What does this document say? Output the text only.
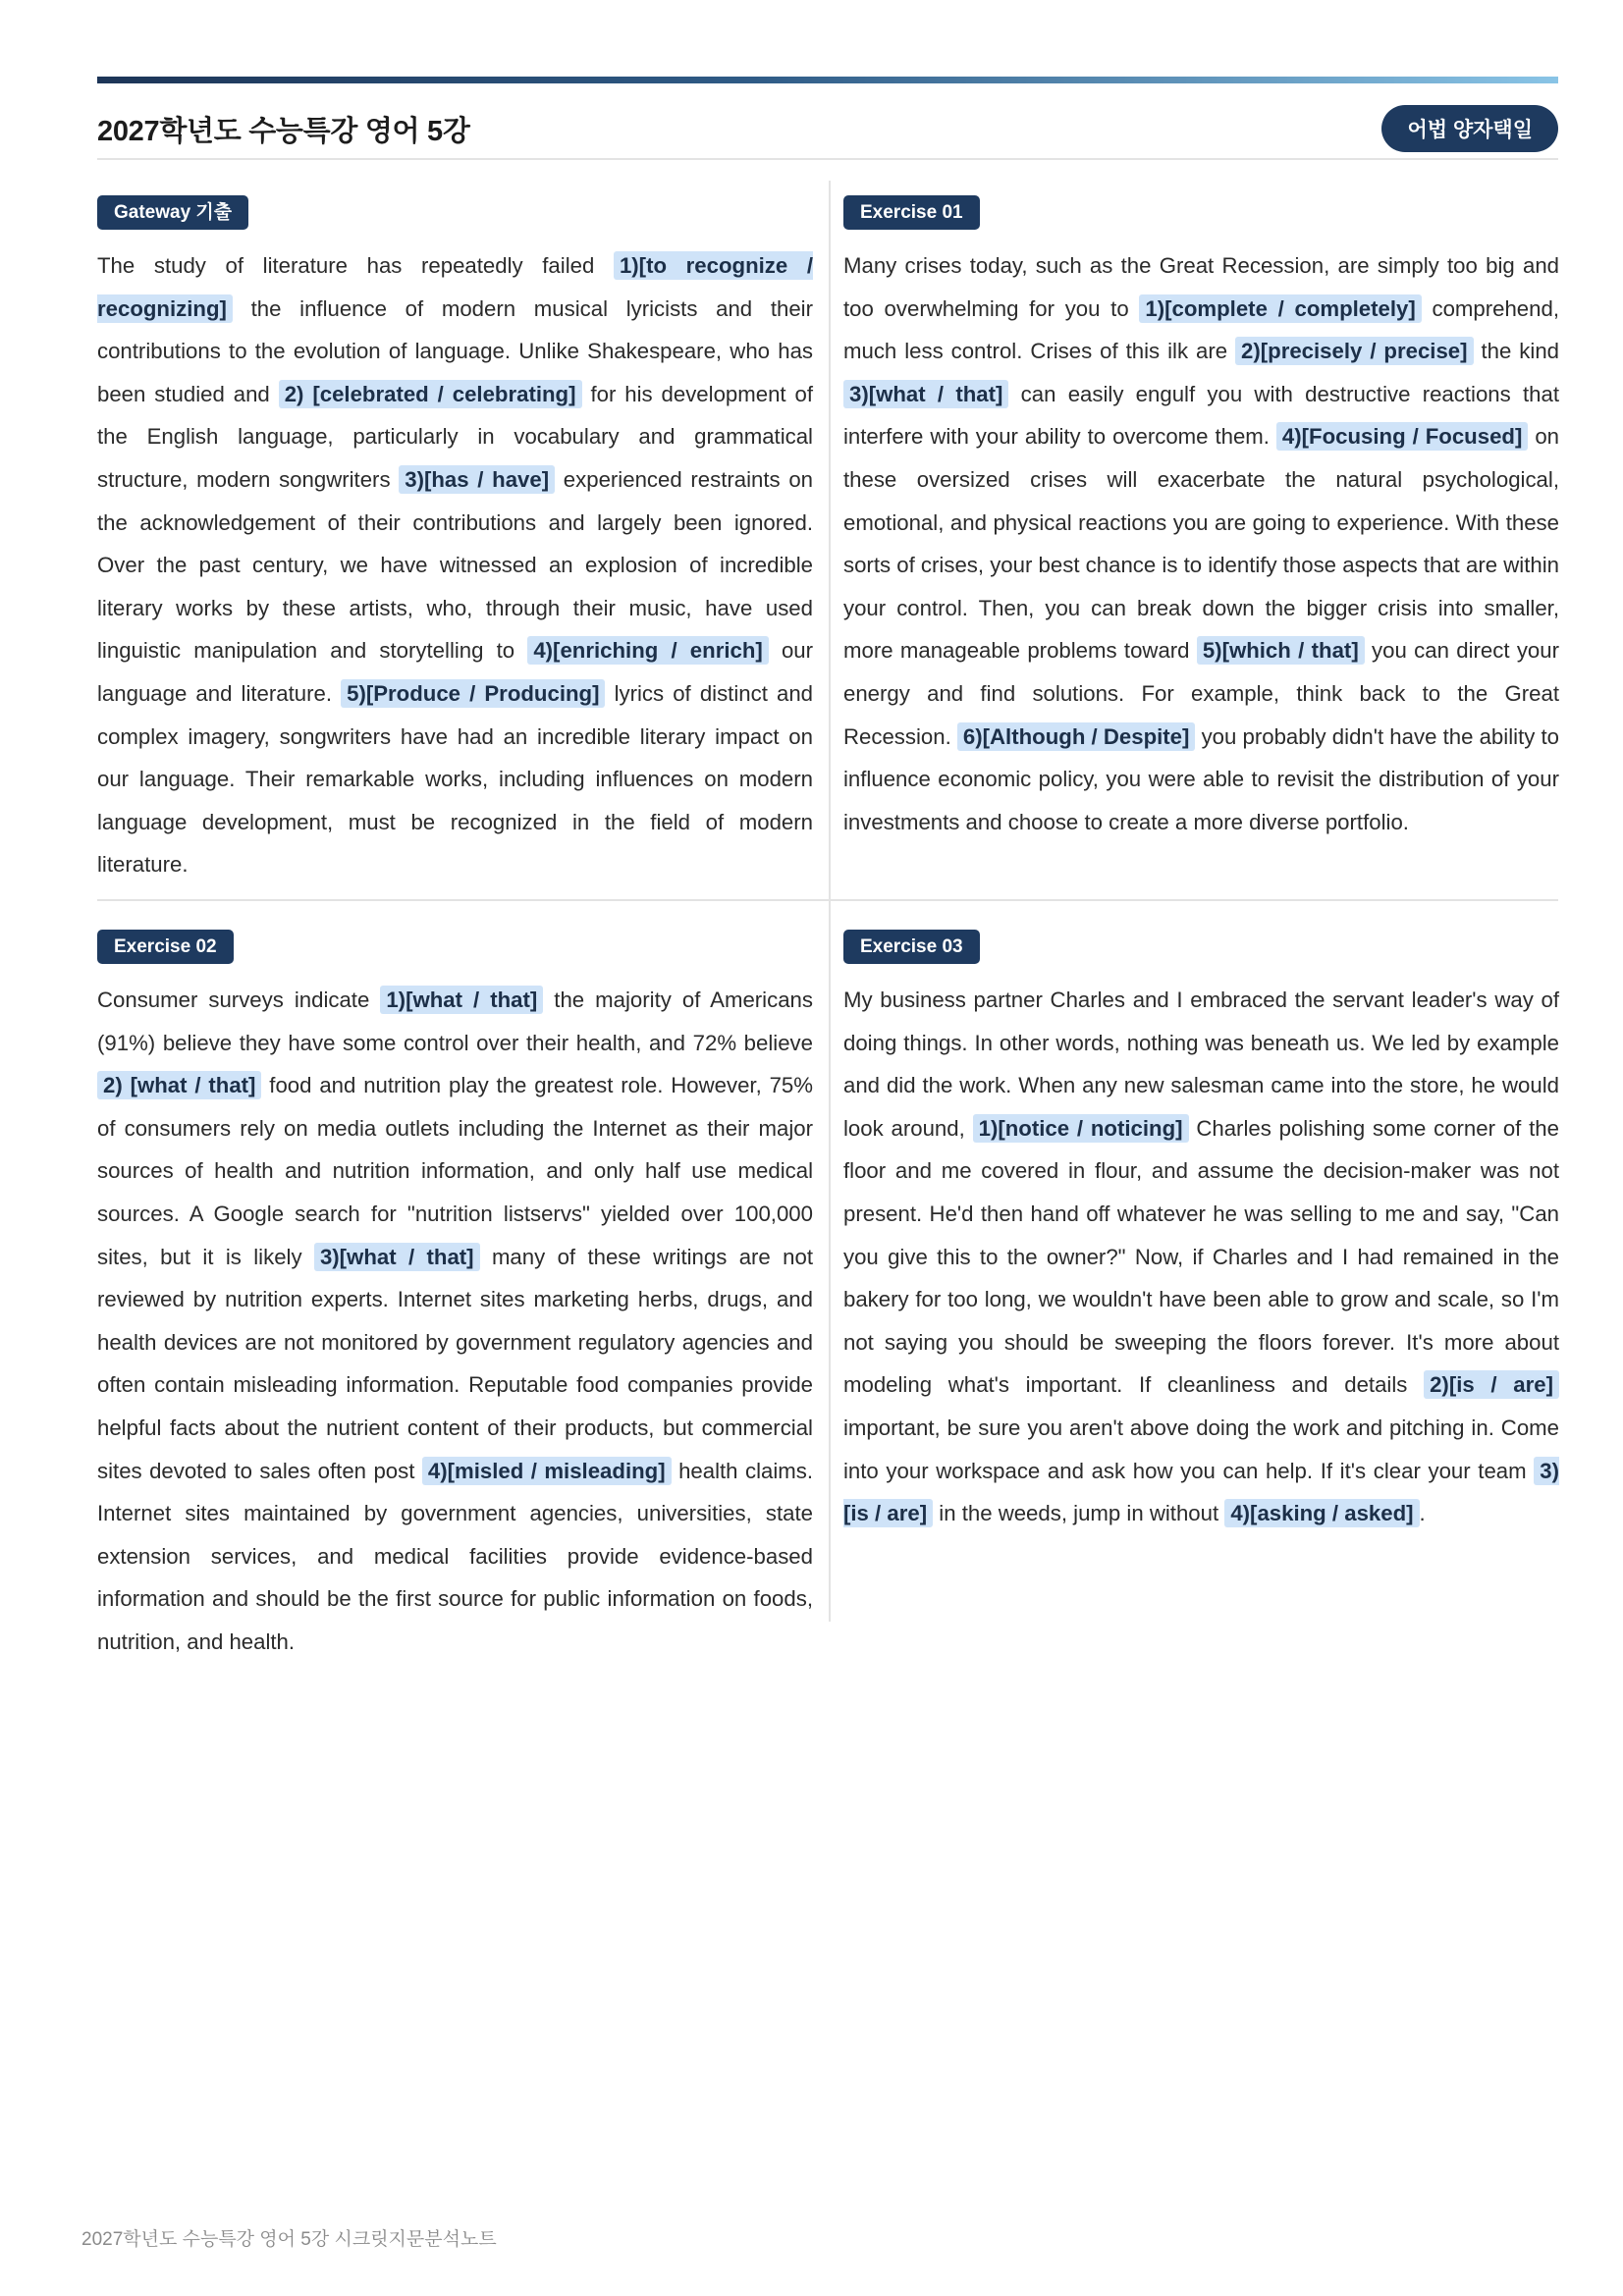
2027학년도 수능특강 영어 5강	어법 양자택일
Gateway 기출
The study of literature has repeatedly failed 1)[to recognize / recognizing] the influence of modern musical lyricists and their contributions to the evolution of language. Unlike Shakespeare, who has been studied and 2) [celebrated / celebrating] for his development of the English language, particularly in vocabulary and grammatical structure, modern songwriters 3)[has / have] experienced restraints on the acknowledgement of their contributions and largely been ignored. Over the past century, we have witnessed an explosion of incredible literary works by these artists, who, through their music, have used linguistic manipulation and storytelling to 4)[enriching / enrich] our language and literature. 5)[Produce / Producing] lyrics of distinct and complex imagery, songwriters have had an incredible literary impact on our language. Their remarkable works, including influences on modern language development, must be recognized in the field of modern literature.
Exercise 01
Many crises today, such as the Great Recession, are simply too big and too overwhelming for you to 1)[complete / completely] comprehend, much less control. Crises of this ilk are 2)[precisely / precise] the kind 3)[what / that] can easily engulf you with destructive reactions that interfere with your ability to overcome them. 4)[Focusing / Focused] on these oversized crises will exacerbate the natural psychological, emotional, and physical reactions you are going to experience. With these sorts of crises, your best chance is to identify those aspects that are within your control. Then, you can break down the bigger crisis into smaller, more manageable problems toward 5)[which / that] you can direct your energy and find solutions. For example, think back to the Great Recession. 6)[Although / Despite] you probably didn't have the ability to influence economic policy, you were able to revisit the distribution of your investments and choose to create a more diverse portfolio.
Exercise 02
Consumer surveys indicate 1)[what / that] the majority of Americans (91%) believe they have some control over their health, and 72% believe 2) [what / that] food and nutrition play the greatest role. However, 75% of consumers rely on media outlets including the Internet as their major sources of health and nutrition information, and only half use medical sources. A Google search for "nutrition listservs" yielded over 100,000 sites, but it is likely 3)[what / that] many of these writings are not reviewed by nutrition experts. Internet sites marketing herbs, drugs, and health devices are not monitored by government regulatory agencies and often contain misleading information. Reputable food companies provide helpful facts about the nutrient content of their products, but commercial sites devoted to sales often post 4)[misled / misleading] health claims. Internet sites maintained by government agencies, universities, state extension services, and medical facilities provide evidence-based information and should be the first source for public information on foods, nutrition, and health.
Exercise 03
My business partner Charles and I embraced the servant leader's way of doing things. In other words, nothing was beneath us. We led by example and did the work. When any new salesman came into the store, he would look around, 1)[notice / noticing] Charles polishing some corner of the floor and me covered in flour, and assume the decision-maker was not present. He'd then hand off whatever he was selling to me and say, "Can you give this to the owner?" Now, if Charles and I had remained in the bakery for too long, we wouldn't have been able to grow and scale, so I'm not saying you should be sweeping the floors forever. It's more about modeling what's important. If cleanliness and details 2)[is / are] important, be sure you aren't above doing the work and pitching in. Come into your workspace and ask how you can help. If it's clear your team 3)[is / are] in the weeds, jump in without 4)[asking / asked] .
2027학년도 수능특강 영어 5강 시크릿지문분석노트
